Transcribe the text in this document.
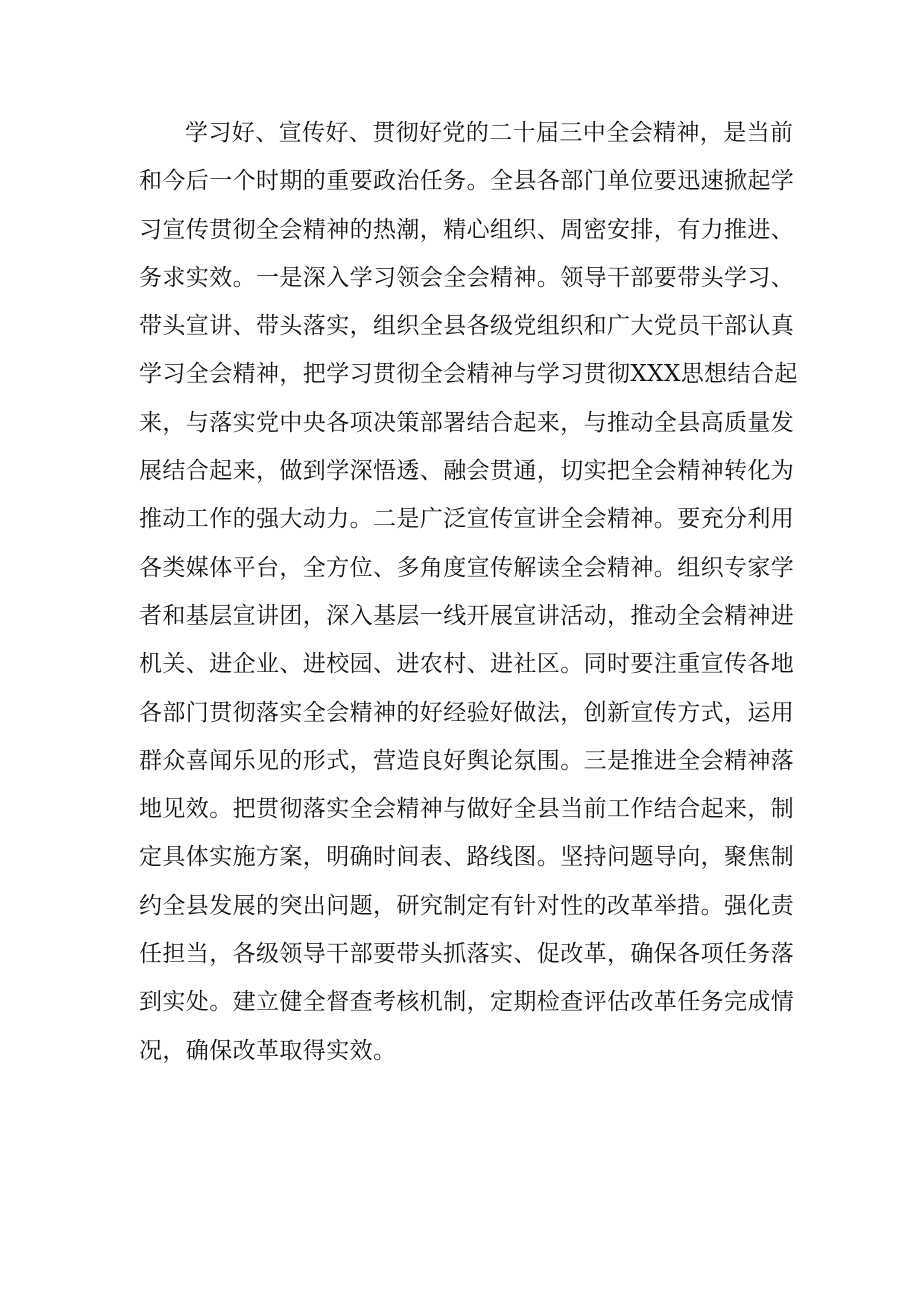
学习好、宣传好、贯彻好党的二十届三中全会精神，是当前
和今后一个时期的重要政治任务。全县各部门单位要迅速掀起学
习宣传贯彻全会精神的热潮，精心组织、周密安排，有力推进、
务求实效。一是深入学习领会全会精神。领导干部要带头学习、
带头宣讲、带头落实，组织全县各级党组织和广大党员干部认真
学习全会精神，把学习贯彻全会精神与学习贯彻XXX思想结合起
来，与落实党中央各项决策部署结合起来，与推动全县高质量发
展结合起来，做到学深悟透、融会贯通，切实把全会精神转化为
推动工作的强大动力。二是广泛宣传宣讲全会精神。要充分利用
各类媒体平台，全方位、多角度宣传解读全会精神。组织专家学
者和基层宣讲团，深入基层一线开展宣讲活动，推动全会精神进
机关、进企业、进校园、进农村、进社区。同时要注重宣传各地
各部门贯彻落实全会精神的好经验好做法，创新宣传方式，运用
群众喜闻乐见的形式，营造良好舆论氛围。三是推进全会精神落
地见效。把贯彻落实全会精神与做好全县当前工作结合起来，制
定具体实施方案，明确时间表、路线图。坚持问题导向，聚焦制
约全县发展的突出问题，研究制定有针对性的改革举措。强化责
任担当，各级领导干部要带头抓落实、促改革，确保各项任务落
到实处。建立健全督查考核机制，定期检查评估改革任务完成情
况，确保改革取得实效。
